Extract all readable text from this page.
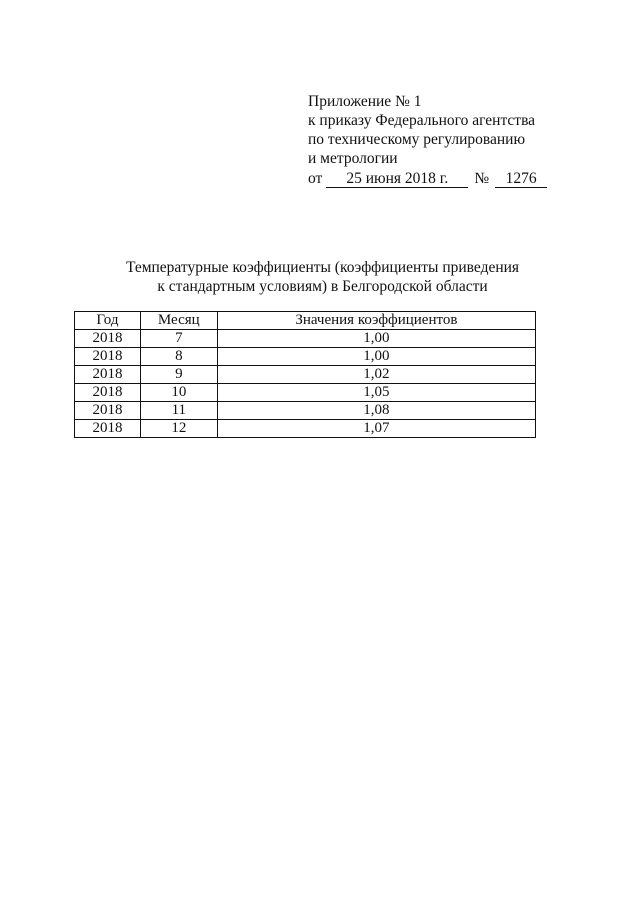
Приложение № 1
к приказу Федерального агентства
по техническому регулированию
и метрологии
от 25 июня 2018 г. № 1276
Температурные коэффициенты (коэффициенты приведения
к стандартным условиям) в Белгородской области
Год	Месяц	Значения коэффициентов
2018	7	1,00
2018	8	1,00
2018	9	1,02
2018	10	1,05
2018	11	1,08
2018	12	1,07
